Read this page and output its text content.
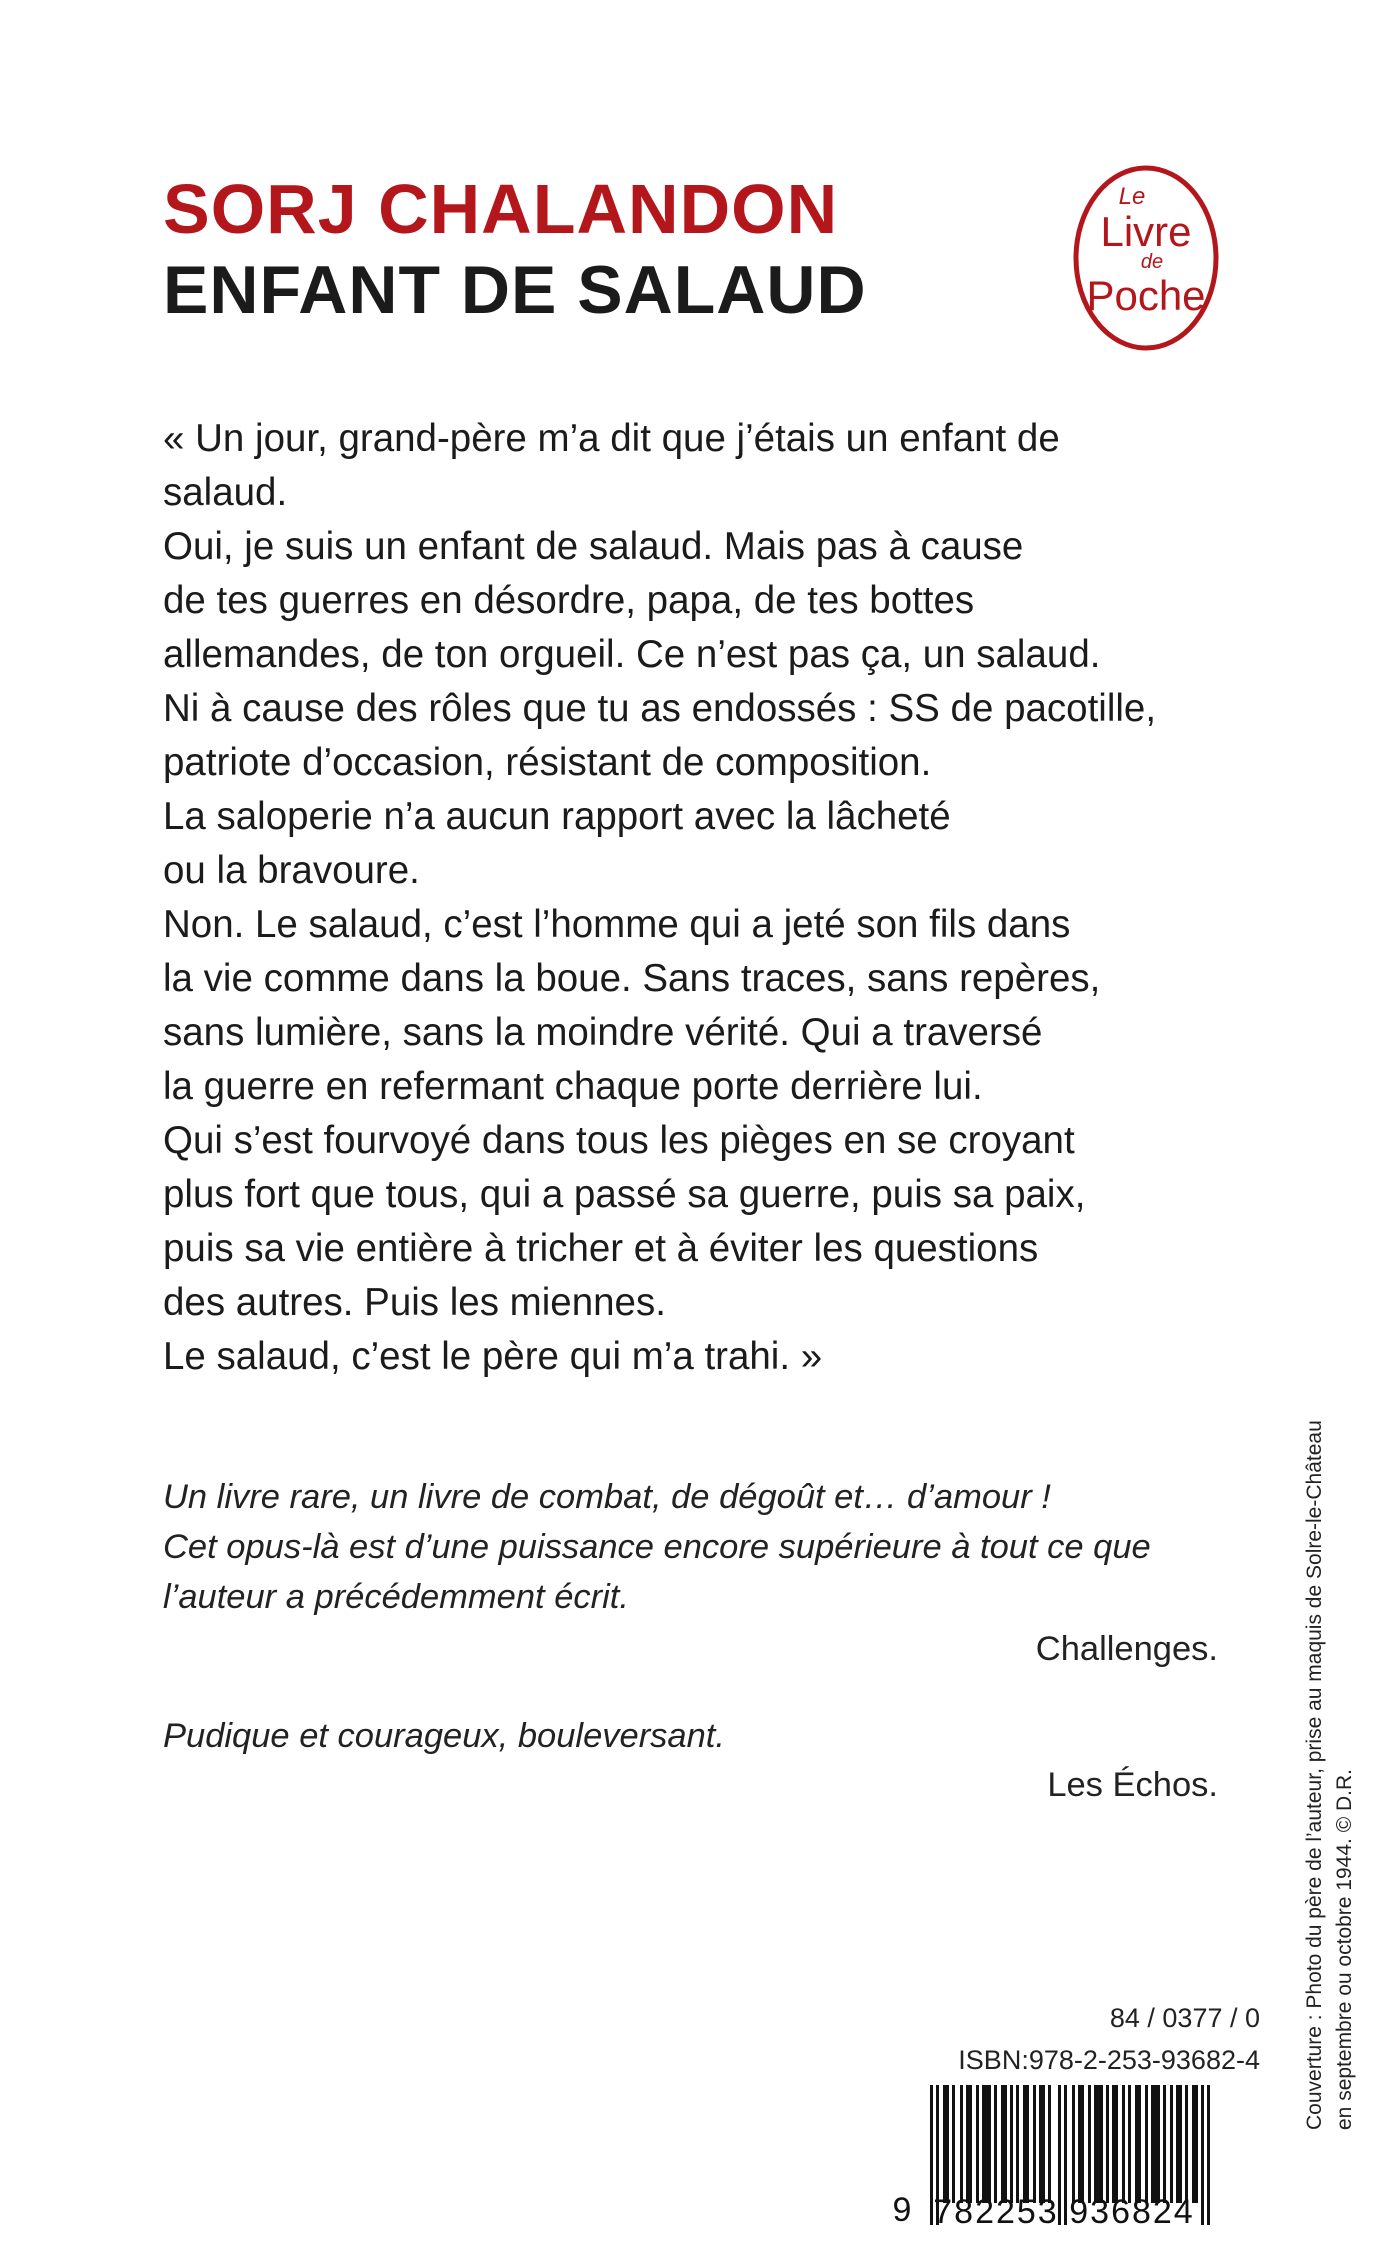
SORJ CHALANDON
ENFANT DE SALAUD
Le
Livre
de
Poche
« Un jour, grand-père m’a dit que j’étais un enfant de
salaud.
Oui, je suis un enfant de salaud. Mais pas à cause
de tes guerres en désordre, papa, de tes bottes
allemandes, de ton orgueil. Ce n’est pas ça, un salaud.
Ni à cause des rôles que tu as endossés : SS de pacotille,
patriote d’occasion, résistant de composition.
La saloperie n’a aucun rapport avec la lâcheté
ou la bravoure.
Non. Le salaud, c’est l’homme qui a jeté son fils dans
la vie comme dans la boue. Sans traces, sans repères,
sans lumière, sans la moindre vérité. Qui a traversé
la guerre en refermant chaque porte derrière lui.
Qui s’est fourvoyé dans tous les pièges en se croyant
plus fort que tous, qui a passé sa guerre, puis sa paix,
puis sa vie entière à tricher et à éviter les questions
des autres. Puis les miennes.
Le salaud, c’est le père qui m’a trahi. »
Un livre rare, un livre de combat, de dégoût et… d’amour !
Cet opus-là est d’une puissance encore supérieure à tout ce que
l’auteur a précédemment écrit.
Challenges.
Pudique et courageux, bouleversant.
Les Échos.	Couverture : Photo du père de l’auteur, prise au maquis de Solre-le-Château en septembre ou octobre 1944. © D.R.
84 / 0377 / 0
ISBN:978-2-253-93682-4
9 782253 936824
